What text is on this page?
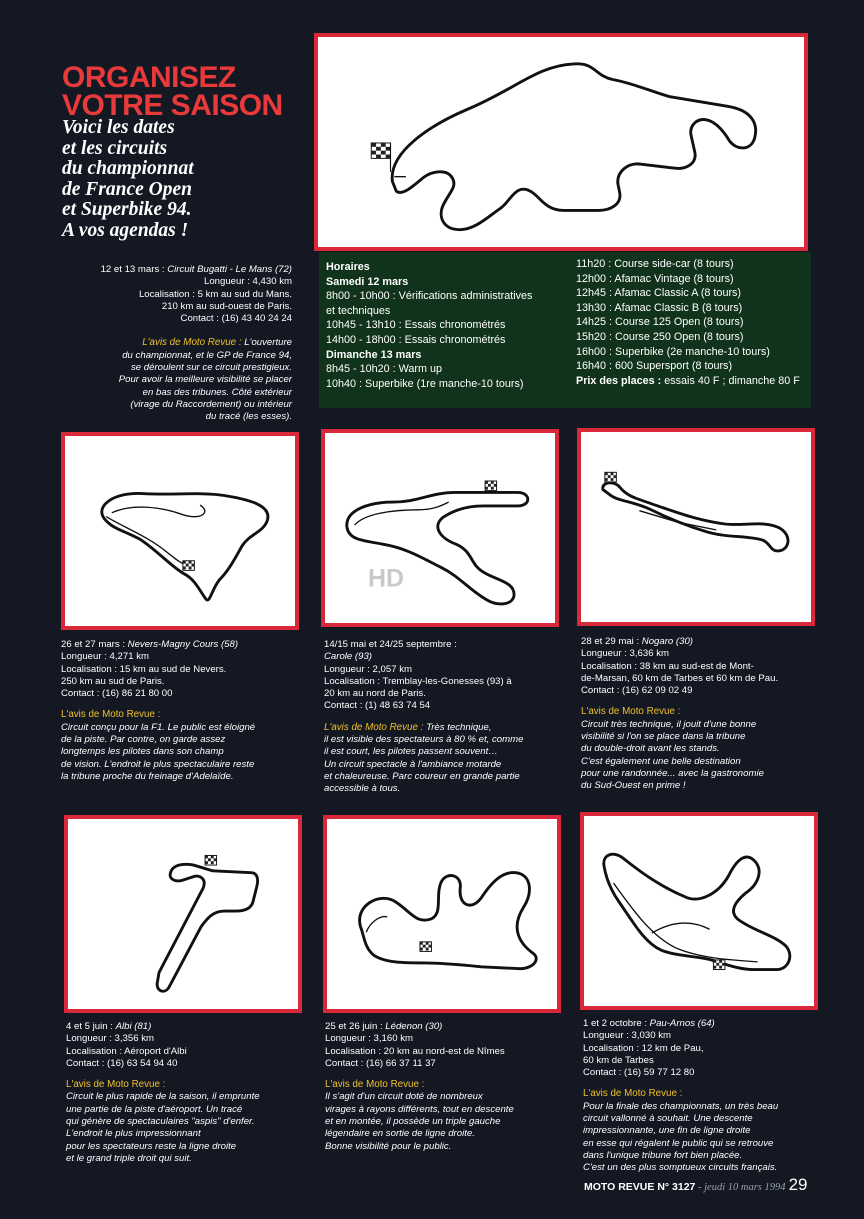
ORGANISEZ
VOTRE SAISON
Voici les dates
et les circuits
du championnat
de France Open
et Superbike 94.
A vos agendas !
12 et 13 mars : Circuit Bugatti - Le Mans (72)
Longueur : 4,430 km
Localisation : 5 km au sud du Mans.
210 km au sud-ouest de Paris.
Contact : (16) 43 40 24 24
L'avis de Moto Revue : L'ouverture
du championnat, et le GP de France 94,
se déroulent sur ce circuit prestigieux.
Pour avoir la meilleure visibilité se placer
en bas des tribunes. Côté extérieur
(virage du Raccordement) ou intérieur
du tracé (les esses).
Horaires
Samedi 12 mars
8h00 - 10h00 : Vérifications administratives
et techniques
10h45 - 13h10 : Essais chronométrés
14h00 - 18h00 : Essais chronométrés
Dimanche 13 mars
8h45 - 10h20 : Warm up
10h40 : Superbike (1re manche-10 tours)
11h20 : Course side-car (8 tours)
12h00 : Afamac Vintage (8 tours)
12h45 : Afamac Classic A (8 tours)
13h30 : Afamac Classic B (8 tours)
14h25 : Course 125 Open (8 tours)
15h20 : Course 250 Open (8 tours)
16h00 : Superbike (2e manche-10 tours)
16h40 : 600 Supersport (8 tours)
Prix des places : essais 40 F ; dimanche 80 F
HD
26 et 27 mars : Nevers-Magny Cours (58)
Longueur : 4,271 km
Localisation : 15 km au sud de Nevers.
250 km au sud de Paris.
Contact : (16) 86 21 80 00
L'avis de Moto Revue :
Circuit conçu pour la F1. Le public est éloigné
de la piste. Par contre, on garde assez
longtemps les pilotes dans son champ
de vision. L'endroit le plus spectaculaire reste
la tribune proche du freinage d'Adelaïde.
14/15 mai et 24/25 septembre :
Carole (93)
Longueur : 2,057 km
Localisation : Tremblay-les-Gonesses (93) à
20 km au nord de Paris.
Contact : (1) 48 63 74 54
L'avis de Moto Revue : Très technique,
il est visible des spectateurs à 80 % et, comme
il est court, les pilotes passent souvent…
Un circuit spectacle à l'ambiance motarde
et chaleureuse. Parc coureur en grande partie
accessible à tous.
28 et 29 mai : Nogaro (30)
Longueur : 3,636 km
Localisation : 38 km au sud-est de Mont-
de-Marsan, 60 km de Tarbes et 60 km de Pau.
Contact : (16) 62 09 02 49
L'avis de Moto Revue :
Circuit très technique, il jouit d'une bonne
visibilité si l'on se place dans la tribune
du double-droit avant les stands.
C'est également une belle destination
pour une randonnée... avec la gastronomie
du Sud-Ouest en prime !
4 et 5 juin : Albi (81)
Longueur : 3,356 km
Localisation : Aéroport d'Albi
Contact : (16) 63 54 94 40
L'avis de Moto Revue :
Circuit le plus rapide de la saison, il emprunte
une partie de la piste d'aéroport. Un tracé
qui génère de spectaculaires "aspis" d'enfer.
L'endroit le plus impressionnant
pour les spectateurs reste la ligne droite
et le grand triple droit qui suit.
25 et 26 juin : Lédenon (30)
Longueur : 3,160 km
Localisation : 20 km au nord-est de Nîmes
Contact : (16) 66 37 11 37
L'avis de Moto Revue :
Il s'agit d'un circuit doté de nombreux
virages à rayons différents, tout en descente
et en montée, il possède un triple gauche
légendaire en sortie de ligne droite.
Bonne visibilité pour le public.
1 et 2 octobre : Pau-Arnos (64)
Longueur : 3,030 km
Localisation : 12 km de Pau,
60 km de Tarbes
Contact : (16) 59 77 12 80
L'avis de Moto Revue :
Pour la finale des championnats, un très beau
circuit vallonné à souhait. Une descente
impressionnante, une fin de ligne droite
en esse qui régalent le public qui se retrouve
dans l'unique tribune fort bien placée.
C'est un des plus somptueux circuits français.
MOTO REVUE N° 3127 - jeudi 10 mars 1994 29
